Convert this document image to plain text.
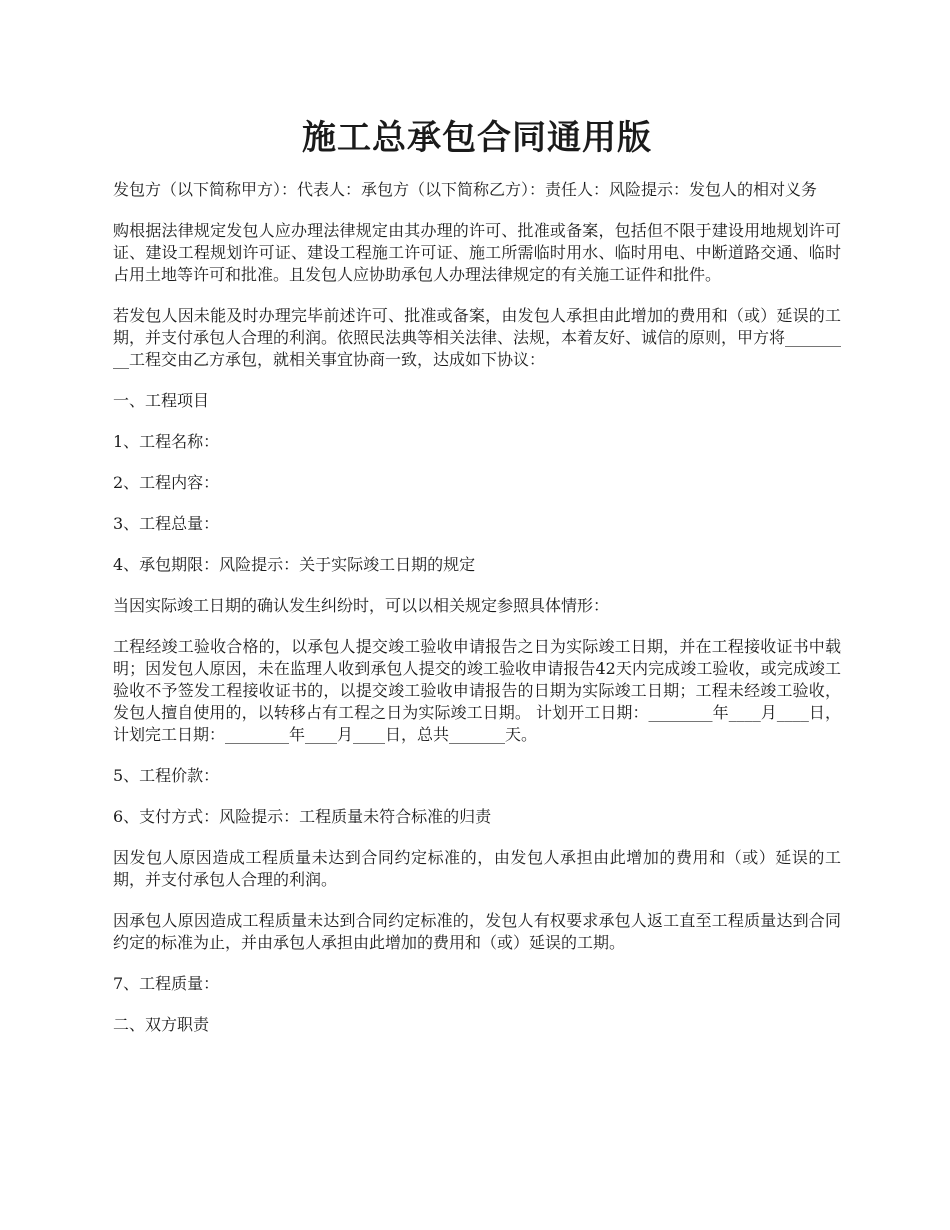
施工总承包合同通用版

发包方（以下简称甲方）：代表人：承包方（以下简称乙方）：责任人：风险提示：发包人的相对义务

购根据法律规定发包人应办理法律规定由其办理的许可、批准或备案，包括但不限于建设用地规划许可证、建设工程规划许可证、建设工程施工许可证、施工所需临时用水、临时用电、中断道路交通、临时占用土地等许可和批准。且发包人应协助承包人办理法律规定的有关施工证件和批件。

若发包人因未能及时办理完毕前述许可、批准或备案，由发包人承担由此增加的费用和（或）延误的工期，并支付承包人合理的利润。依照民法典等相关法律、法规，本着友好、诚信的原则，甲方将_________工程交由乙方承包，就相关事宜协商一致，达成如下协议：

一、工程项目

1、工程名称：

2、工程内容：

3、工程总量：

4、承包期限：风险提示：关于实际竣工日期的规定

当因实际竣工日期的确认发生纠纷时，可以以相关规定参照具体情形：

工程经竣工验收合格的，以承包人提交竣工验收申请报告之日为实际竣工日期，并在工程接收证书中载明；因发包人原因，未在监理人收到承包人提交的竣工验收申请报告42天内完成竣工验收，或完成竣工验收不予签发工程接收证书的，以提交竣工验收申请报告的日期为实际竣工日期；工程未经竣工验收，发包人擅自使用的，以转移占有工程之日为实际竣工日期。 计划开工日期：________年____月____日，计划完工日期：________年____月____日，总共_______天。

5、工程价款：

6、支付方式：风险提示：工程质量未符合标准的归责

因发包人原因造成工程质量未达到合同约定标准的，由发包人承担由此增加的费用和（或）延误的工期，并支付承包人合理的利润。

因承包人原因造成工程质量未达到合同约定标准的，发包人有权要求承包人返工直至工程质量达到合同约定的标准为止，并由承包人承担由此增加的费用和（或）延误的工期。

7、工程质量：

二、双方职责
